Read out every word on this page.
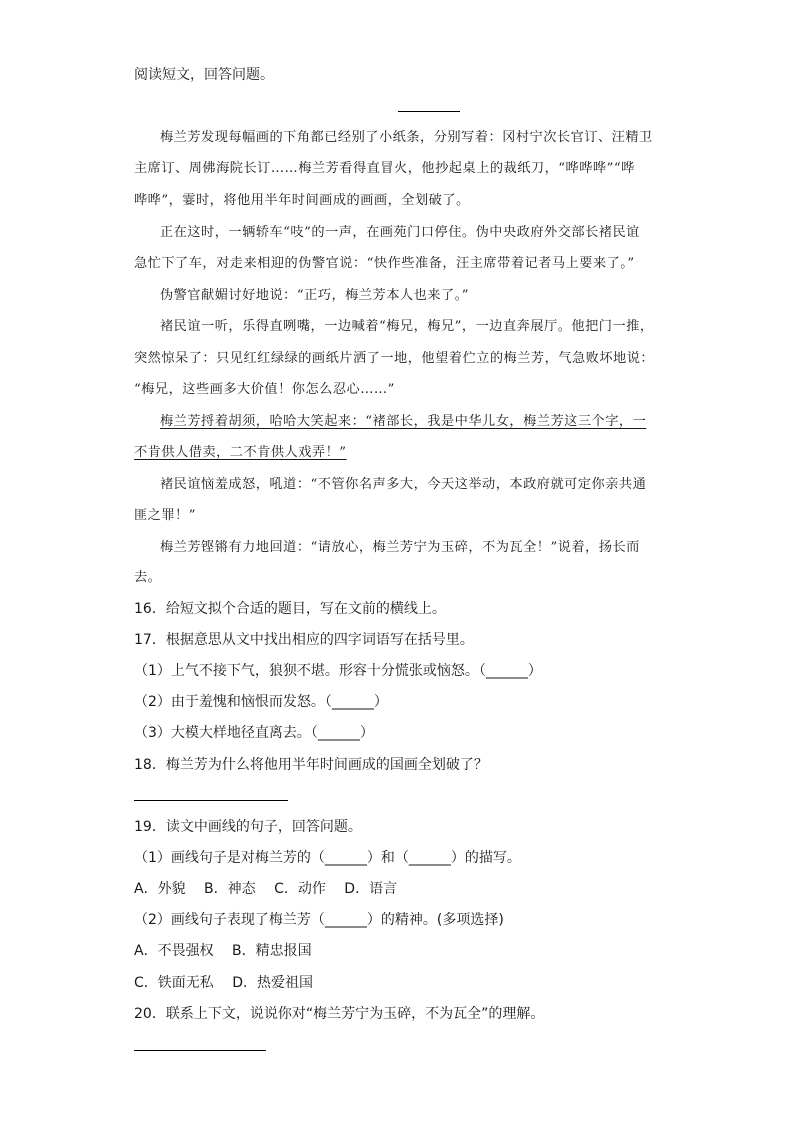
阅读短文，回答问题。
梅兰芳发现每幅画的下角都已经别了小纸条，分别写着：冈村宁次长官订、汪精卫
主席订、周佛海院长订……梅兰芳看得直冒火，他抄起桌上的裁纸刀，“哗哗哗”“哗
哗哗”，霎时，将他用半年时间画成的画画，全划破了。
正在这时，一辆轿车“吱”的一声，在画苑门口停住。伪中央政府外交部长褚民谊
急忙下了车，对走来相迎的伪警官说：“快作些准备，汪主席带着记者马上要来了。”
伪警官献媚讨好地说：“正巧，梅兰芳本人也来了。”
褚民谊一听，乐得直咧嘴，一边喊着“梅兄，梅兄”，一边直奔展厅。他把门一推，
突然惊呆了：只见红红绿绿的画纸片洒了一地，他望着伫立的梅兰芳，气急败坏地说：
“梅兄，这些画多大价值！你怎么忍心……”
梅兰芳捋着胡须，哈哈大笑起来：“褚部长，我是中华儿女，梅兰芳这三个字，一
不肯供人借卖，二不肯供人戏弄！”
褚民谊恼羞成怒，吼道：“不管你名声多大，今天这举动，本政府就可定你亲共通
匪之罪！”
梅兰芳铿锵有力地回道：“请放心，梅兰芳宁为玉碎，不为瓦全！”说着，扬长而
去。
16．给短文拟个合适的题目，写在文前的横线上。
17．根据意思从文中找出相应的四字词语写在括号里。
（1）上气不接下气，狼狈不堪。形容十分慌张或恼怒。（______）
（2）由于羞愧和恼恨而发怒。（______）
（3）大模大样地径直离去。（______）
18．梅兰芳为什么将他用半年时间画成的国画全划破了？
19．读文中画线的句子，回答问题。
（1）画线句子是对梅兰芳的（______）和（______）的描写。
A．外貌　 B．神态　 C．动作　 D．语言
（2）画线句子表现了梅兰芳（______）的精神。(多项选择)
A．不畏强权　 B．精忠报国
C．铁面无私　 D．热爱祖国
20．联系上下文，说说你对“梅兰芳宁为玉碎，不为瓦全”的理解。
